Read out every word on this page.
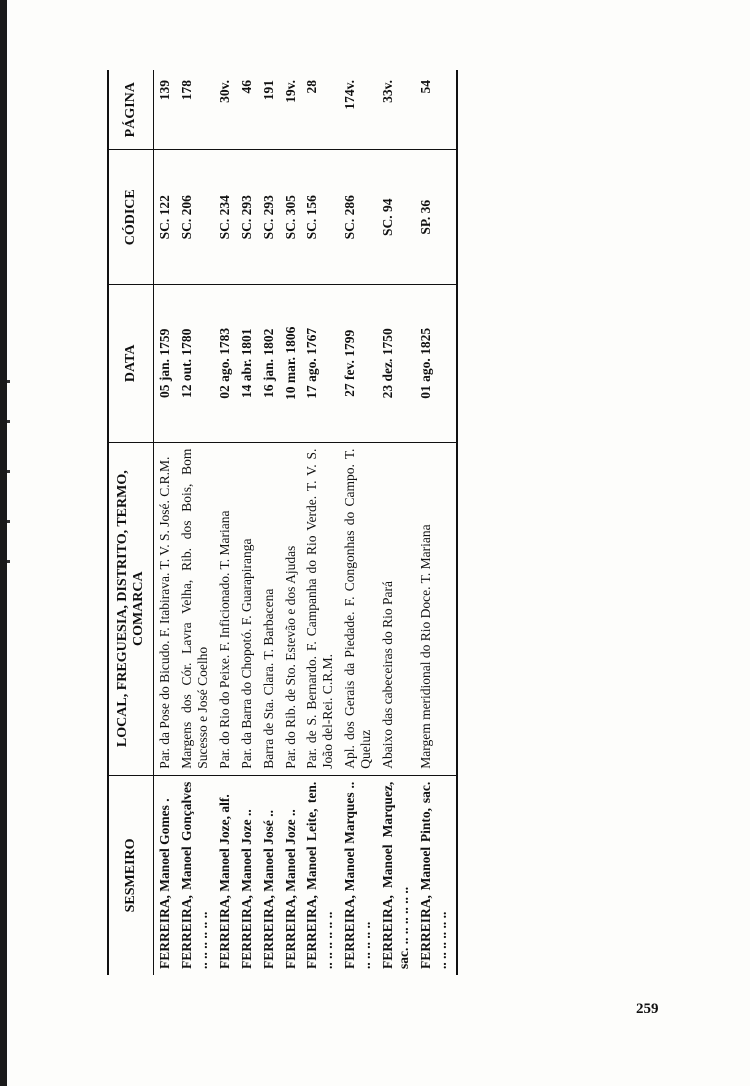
SESMEIRO	LOCAL, FREGUESIA, DISTRITO, TERMO, COMARCA	DATA	CÓDICE	PÁGINA
FERREIRA, Manoel Gomes .	Par. da Pose do Bicudo. F. Itabirava. T. V. S. José. C.R.M.	05 jan. 1759	SC. 122	139
FERREIRA, Manoel Gonçalves .. .. .. .. .. ..	Margens dos Cór. Lavra Velha, Rib. dos Bois, Bom Sucesso e José Coelho	12 out. 1780	SC. 206	178
FERREIRA, Manoel Joze, alf.	Par. do Rio do Peixe. F. Inficionado. T. Mariana	02 ago. 1783	SC. 234	30v.
FERREIRA, Manoel Joze ..	Par. da Barra do Chopotó. F. Guarapiranga	14 abr. 1801	SC. 293	46
FERREIRA, Manoel José ..	Barra de Sta. Clara. T. Barbacena	16 jan. 1802	SC. 293	191
FERREIRA, Manoel Joze ..	Par. do Rib. de Sto. Estevão e dos Ajudas	10 mar. 1806	SC. 305	19v.
FERREIRA, Manoel Leite, ten. .. .. .. .. .. ..	Par. de S. Bernardo. F. Campanha do Rio Verde. T. V. S. João del-Rei. C.R.M.	17 ago. 1767	SC. 156	28
FERREIRA, Manoel Marques .. .. .. .. .. ..	Apl. dos Gerais da Piedade. F. Congonhas do Campo. T. Queluz	27 fev. 1799	SC. 286	174v.
FERREIRA, Manoel Marquez, sac. .. .. .. .. .. ..	Abaixo das cabeceiras do Rio Pará	23 dez. 1750	SC. 94	33v.
FERREIRA, Manoel Pinto, sac. .. .. .. .. .. ..	Margem meridional do Rio Doce. T. Mariana	01 ago. 1825	SP. 36	54
259
